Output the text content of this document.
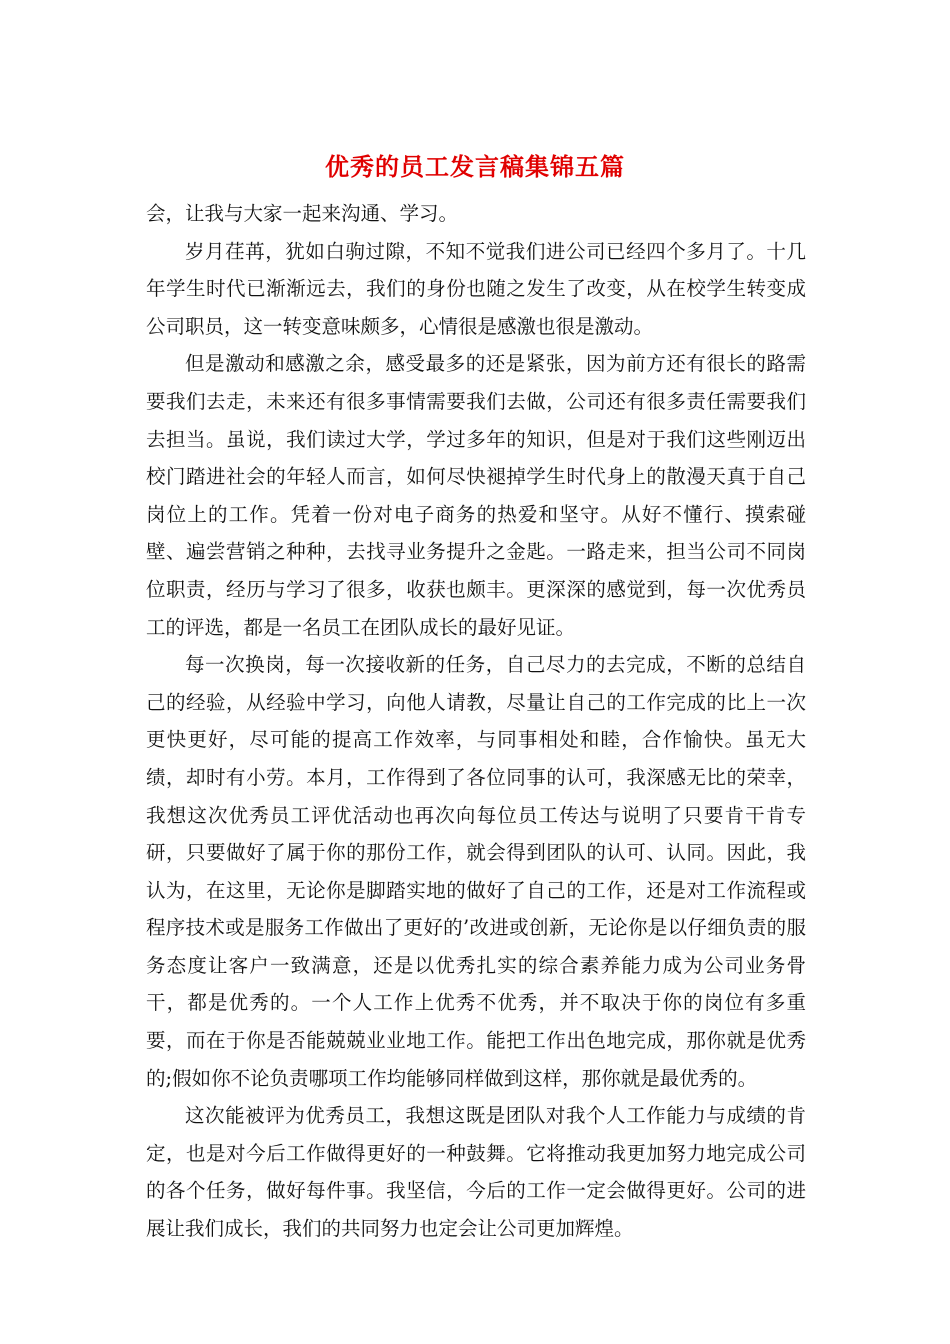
优秀的员工发言稿集锦五篇

会，让我与大家一起来沟通、学习。

岁月荏苒，犹如白驹过隙，不知不觉我们进公司已经四个多月了。十几年学生时代已渐渐远去，我们的身份也随之发生了改变，从在校学生转变成公司职员，这一转变意味颇多，心情很是感激也很是激动。

但是激动和感激之余，感受最多的还是紧张，因为前方还有很长的路需要我们去走，未来还有很多事情需要我们去做，公司还有很多责任需要我们去担当。虽说，我们读过大学，学过多年的知识，但是对于我们这些刚迈出校门踏进社会的年轻人而言，如何尽快褪掉学生时代身上的散漫天真于自己岗位上的工作。凭着一份对电子商务的热爱和坚守。从好不懂行、摸索碰壁、遍尝营销之种种，去找寻业务提升之金匙。一路走来，担当公司不同岗位职责，经历与学习了很多，收获也颇丰。更深深的感觉到，每一次优秀员工的评选，都是一名员工在团队成长的最好见证。

每一次换岗，每一次接收新的任务，自己尽力的去完成，不断的总结自己的经验，从经验中学习，向他人请教，尽量让自己的工作完成的比上一次更快更好，尽可能的提高工作效率，与同事相处和睦，合作愉快。虽无大绩，却时有小劳。本月，工作得到了各位同事的认可，我深感无比的荣幸，我想这次优秀员工评优活动也再次向每位员工传达与说明了只要肯干肯专研，只要做好了属于你的那份工作，就会得到团队的认可、认同。因此，我认为，在这里，无论你是脚踏实地的做好了自己的工作，还是对工作流程或程序技术或是服务工作做出了更好的’改进或创新，无论你是以仔细负责的服务态度让客户一致满意，还是以优秀扎实的综合素养能力成为公司业务骨干，都是优秀的。一个人工作上优秀不优秀，并不取决于你的岗位有多重要，而在于你是否能兢兢业业地工作。能把工作出色地完成，那你就是优秀的;假如你不论负责哪项工作均能够同样做到这样，那你就是最优秀的。

这次能被评为优秀员工，我想这既是团队对我个人工作能力与成绩的肯定，也是对今后工作做得更好的一种鼓舞。它将推动我更加努力地完成公司的各个任务，做好每件事。我坚信，今后的工作一定会做得更好。公司的进展让我们成长，我们的共同努力也定会让公司更加辉煌。
